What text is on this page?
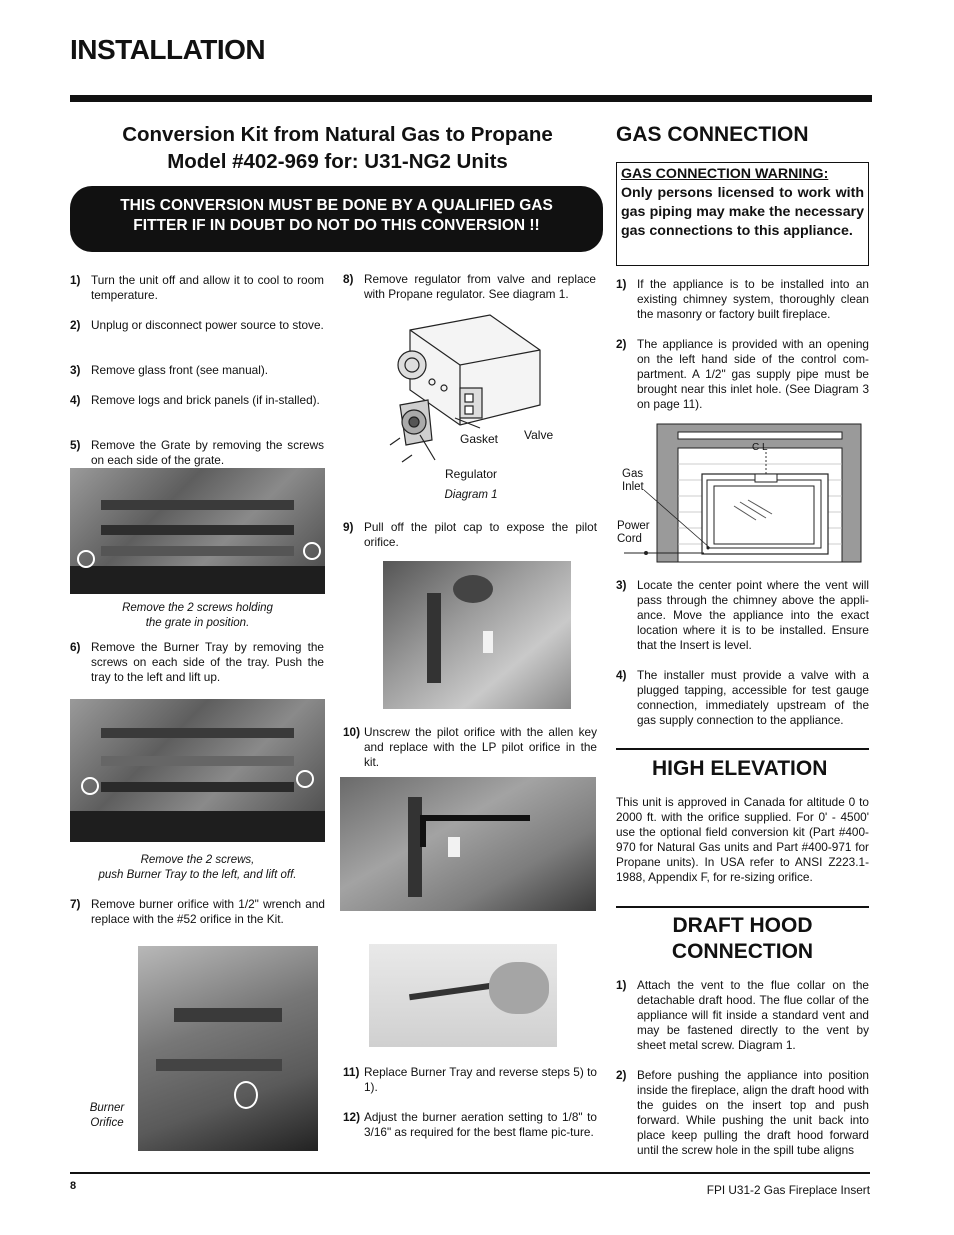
INSTALLATION
Conversion Kit from Natural Gas to Propane
Model #402-969 for: U31-NG2 Units
THIS CONVERSION MUST BE DONE BY A QUALIFIED GAS
FITTER IF IN DOUBT DO NOT DO THIS CONVERSION !!
1) Turn the unit off and allow it to cool to room temperature.
2) Unplug or disconnect power source to stove.
3) Remove glass front (see manual).
4) Remove logs and brick panels (if in-stalled).
5) Remove the Grate by removing the screws on each side of the grate.
Remove the 2 screws holding
the grate in position.
6) Remove the Burner Tray by removing the screws on each side of the tray. Push the tray to the left and lift up.
Remove the 2 screws,
push Burner Tray to the left, and lift off.
7) Remove burner orifice with 1/2" wrench and replace with the #52 orifice in the Kit.
Burner
Orifice
8) Remove regulator from valve and replace with Propane regulator. See diagram 1.
Gasket Valve
Regulator
Diagram 1
9) Pull off the pilot cap to expose the pilot orifice.
10) Unscrew the pilot orifice with the allen key and replace with the LP pilot orifice in the kit.
11) Replace Burner Tray and reverse steps 5) to 1).
12) Adjust the burner aeration setting to 1/8" to 3/16" as required for the best flame pic-ture.
GAS CONNECTION
GAS CONNECTION WARNING:
Only persons licensed to work with gas piping may make the necessary gas connections to this appliance.
1) If the appliance is to be installed into an existing chimney system, thoroughly clean the masonry or factory built fireplace.
2) The appliance is provided with an opening on the left hand side of the control com-partment. A 1/2" gas supply pipe must be brought near this inlet hole. (See Diagram 3 on page 11).
C L
Gas
Inlet
Power
Cord
3) Locate the center point where the vent will pass through the chimney above the appli-ance. Move the appliance into the exact location where it is to be installed. Ensure that the Insert is level.
4) The installer must provide a valve with a plugged tapping, accessible for test gauge connection, immediately upstream of the gas supply connection to the appliance.
HIGH ELEVATION
This unit is approved in Canada for altitude 0 to 2000 ft. with the orifice supplied. For 0' - 4500' use the optional field conversion kit (Part #400-970 for Natural Gas units and Part #400-971 for Propane units). In USA refer to ANSI Z223.1-1988, Appendix F, for re-sizing orifice.
DRAFT HOOD
CONNECTION
1) Attach the vent to the flue collar on the detachable draft hood. The flue collar of the appliance will fit inside a standard vent and may be fastened directly to the vent by sheet metal screw. Diagram 1.
2) Before pushing the appliance into position inside the fireplace, align the draft hood with the guides on the insert top and push forward. While pushing the unit back into place keep pulling the draft hood forward until the screw hole in the spill tube aligns
8	FPI U31-2 Gas Fireplace Insert
